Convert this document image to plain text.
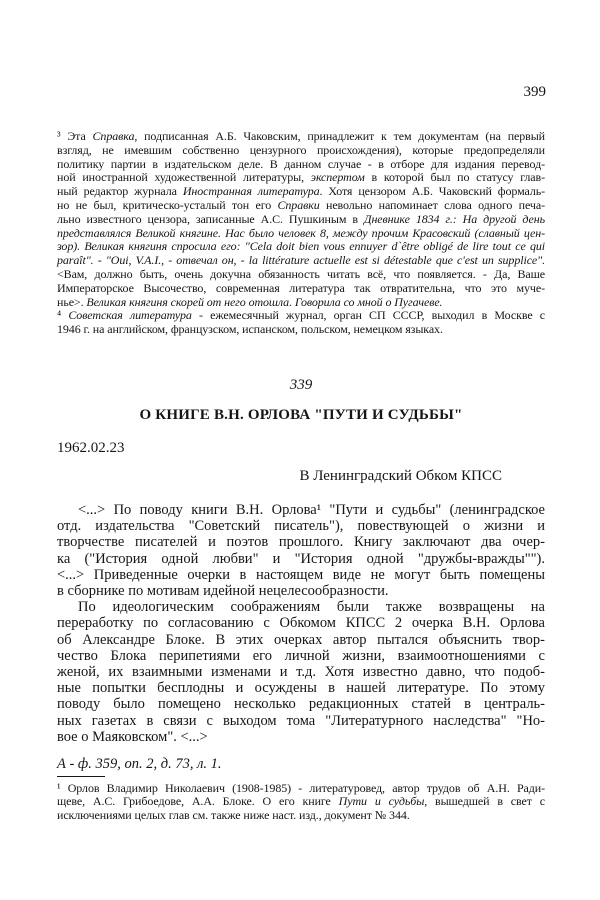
399
³ Эта Справка, подписанная А.Б. Чаковским, принадлежит к тем документам (на первый
взгляд, не имевшим собственно цензурного происхождения), которые предопределяли
политику партии в издательском деле. В данном случае - в отборе для издания перевод-
ной иностранной художественной литературы, экспертом в которой был по статусу глав-
ный редактор журнала Иностранная литература. Хотя цензором А.Б. Чаковский формаль-
но не был, критическо-усталый тон его Справки невольно напоминает слова одного печа-
льно известного цензора, записанные А.С. Пушкиным в Дневнике 1834 г.: На другой день
представлялся Великой княгине. Нас было человек 8, между прочим Красовский (славный цен-
зор). Великая княгиня спросила его: "Cela doit bien vous ennuyer d`être obligé de lire tout ce qui
paraît". - "Oui, V.A.I., - отвечал он, - la littérature actuelle est si détestable que c'est un supplice".
<Вам, должно быть, очень докучна обязанность читать всё, что появляется. - Да, Ваше
Императорское Высочество, современная литература так отвратительна, что это муче-
нье>. Великая княгиня скорей от него отошла. Говорила со мной о Пугачеве.
⁴ Советская литература - ежемесячный журнал, орган СП СССР, выходил в Москве с
1946 г. на английском, французском, испанском, польском, немецком языках.
339
О КНИГЕ В.Н. ОРЛОВА "ПУТИ И СУДЬБЫ"
1962.02.23
В Ленинградский Обком КПСС
<...> По поводу книги В.Н. Орлова¹ "Пути и судьбы" (ленинградское
отд. издательства "Советский писатель"), повествующей о жизни и
творчестве писателей и поэтов прошлого. Книгу заключают два очер-
ка ("История одной любви" и "История одной "дружбы-вражды"").
<...> Приведенные очерки в настоящем виде не могут быть помещены
в сборнике по мотивам идейной нецелесообразности.
По идеологическим соображениям были также возвращены на
переработку по согласованию с Обкомом КПСС 2 очерка В.Н. Орлова
об Александре Блоке. В этих очерках автор пытался объяснить твор-
чество Блока перипетиями его личной жизни, взаимоотношениями с
женой, их взаимными изменами и т.д. Хотя известно давно, что подоб-
ные попытки бесплодны и осуждены в нашей литературе. По этому
поводу было помещено несколько редакционных статей в централь-
ных газетах в связи с выходом тома "Литературного наследства" "Но-
вое о Маяковском". <...>
А - ф. 359, оп. 2, д. 73, л. 1.
¹ Орлов Владимир Николаевич (1908-1985) - литературовед, автор трудов об А.Н. Ради-
щеве, А.С. Грибоедове, А.А. Блоке. О его книге Пути и судьбы, вышедшей в свет с
исключениями целых глав см. также ниже наст. изд., документ № 344.
